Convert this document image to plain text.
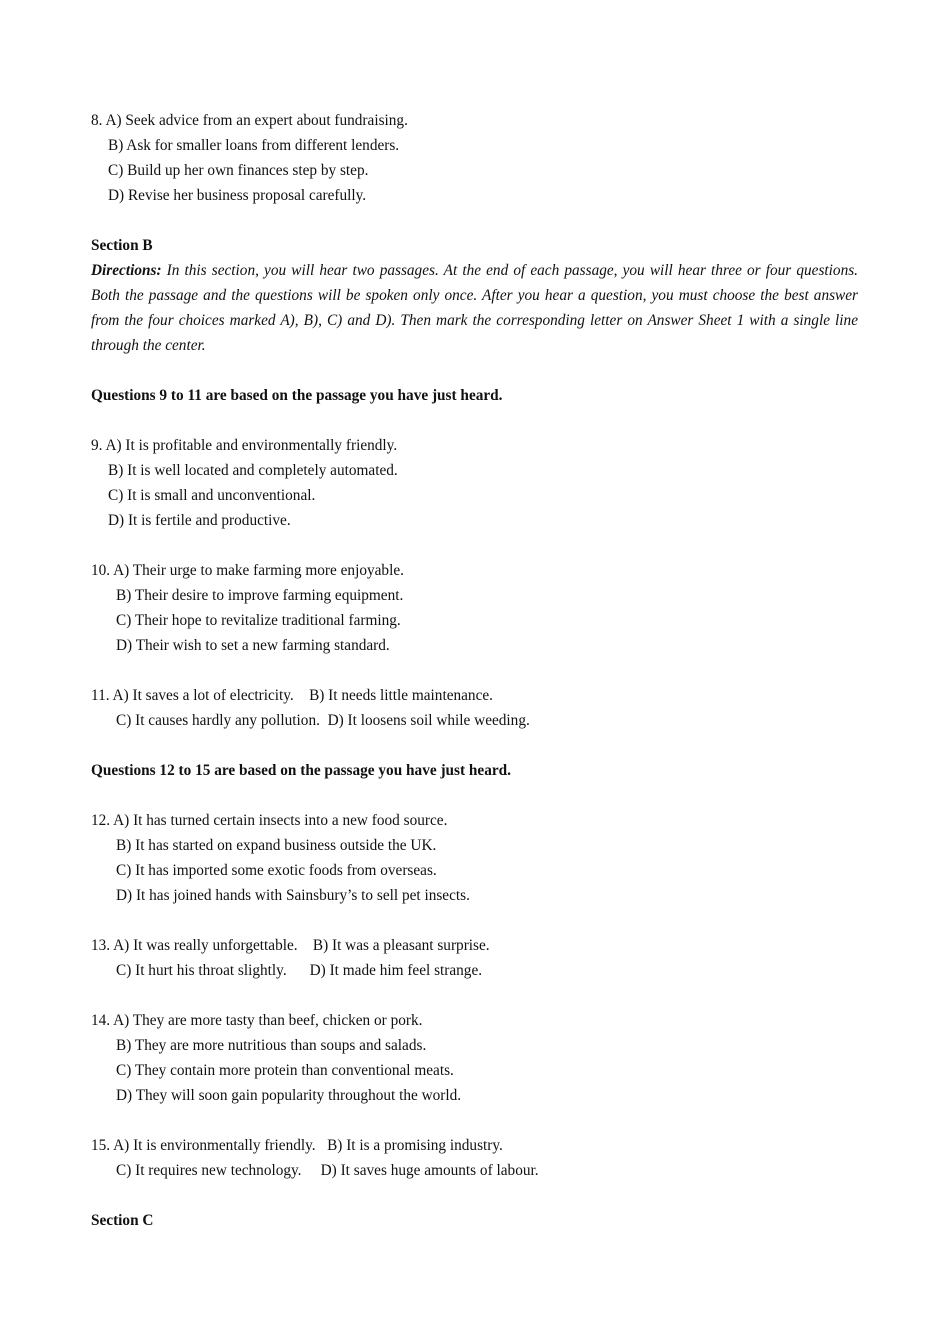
8. A) Seek advice from an expert about fundraising.
B) Ask for smaller loans from different lenders.
C) Build up her own finances step by step.
D) Revise her business proposal carefully.
Section B

Directions: In this section, you will hear two passages. At the end of each passage, you will hear three or four questions. Both the passage and the questions will be spoken only once. After you hear a question, you must choose the best answer from the four choices marked A), B), C) and D). Then mark the corresponding letter on Answer Sheet 1 with a single line through the center.

Questions 9 to 11 are based on the passage you have just heard.
9. A) It is profitable and environmentally friendly.
B) It is well located and completely automated.
C) It is small and unconventional.
D) It is fertile and productive.
10. A) Their urge to make farming more enjoyable.
B) Their desire to improve farming equipment.
C) Their hope to revitalize traditional farming.
D) Their wish to set a new farming standard.
11. A) It saves a lot of electricity. B) It needs little maintenance.
C) It causes hardly any pollution. D) It loosens soil while weeding.
Questions 12 to 15 are based on the passage you have just heard.
12. A) It has turned certain insects into a new food source.
B) It has started on expand business outside the UK.
C) It has imported some exotic foods from overseas.
D) It has joined hands with Sainsbury’s to sell pet insects.
13. A) It was really unforgettable. B) It was a pleasant surprise.
C) It hurt his throat slightly. D) It made him feel strange.
14. A) They are more tasty than beef, chicken or pork.
B) They are more nutritious than soups and salads.
C) They contain more protein than conventional meats.
D) They will soon gain popularity throughout the world.
15. A) It is environmentally friendly. B) It is a promising industry.
C) It requires new technology. D) It saves huge amounts of labour.
Section C
